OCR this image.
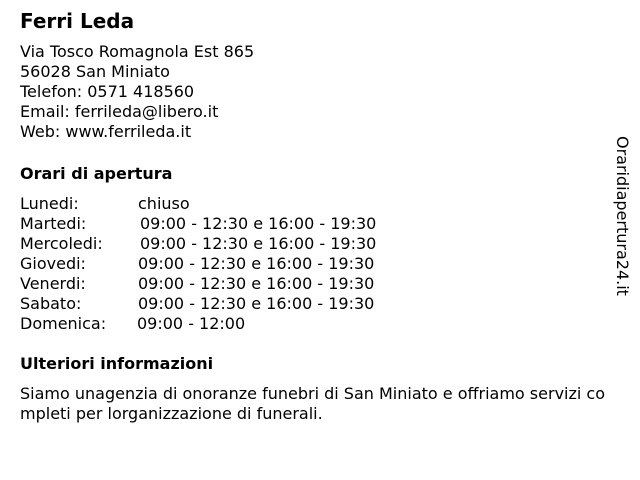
Ferri Leda
Via Tosco Romagnola Est 865
56028 San Miniato
Telefon: 0571 418560
Email: ferrileda@libero.it
Web: www.ferrileda.it
Orari di apertura
Lunedi:	chiuso
Martedi:	09:00 - 12:30 e 16:00 - 19:30
Mercoledi: 09:00 - 12:30 e 16:00 - 19:30
Giovedi:	09:00 - 12:30 e 16:00 - 19:30
Venerdi:	09:00 - 12:30 e 16:00 - 19:30
Sabato:	09:00 - 12:30 e 16:00 - 19:30
Domenica: 09:00 - 12:00
Ulteriori informazioni
Siamo unagenzia di onoranze funebri di San Miniato e offriamo servizi completi per lorganizzazione di funerali.
Oraridiapertura24.it
